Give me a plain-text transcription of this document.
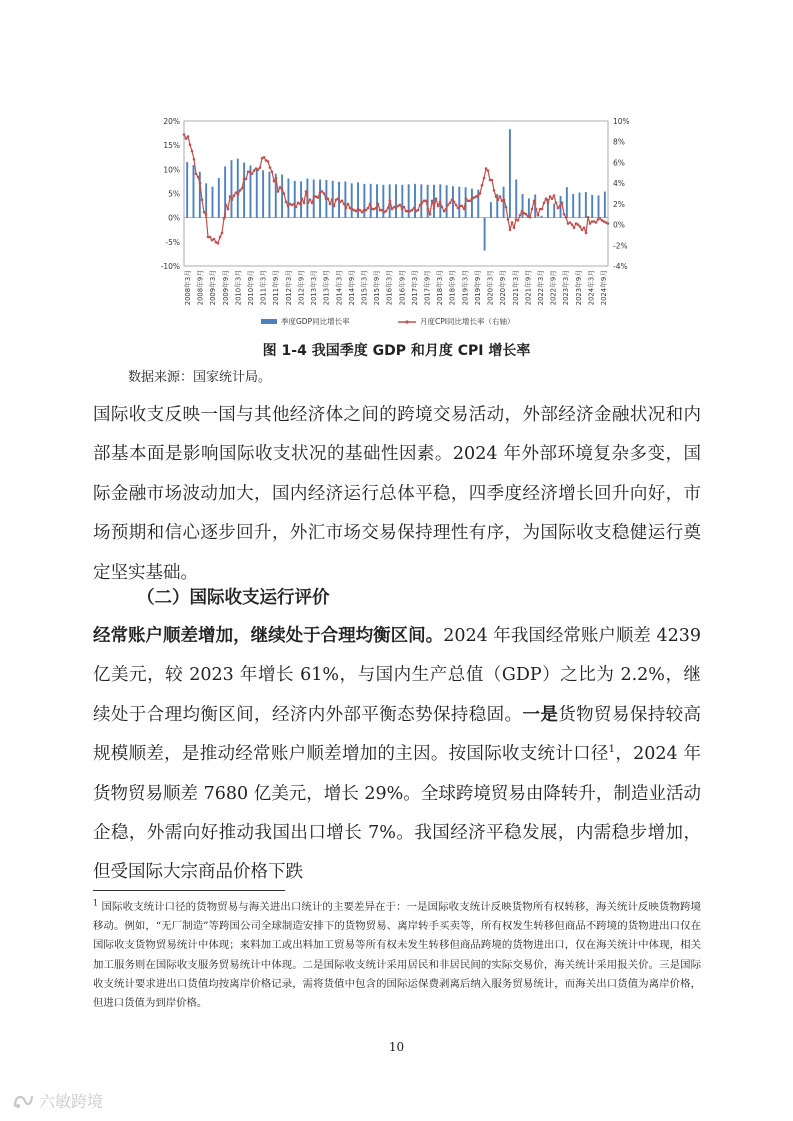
20%
15%
10%
5%
0%
-5%
-10%
10%
8%
6%
4%
2%
0%
-2%
-4%
2008年3月 2008年9月 2009年3月 2009年9月 2010年3月 2010年9月 2011年3月 2011年9月 2012年3月 2012年9月 2013年3月 2013年9月 2014年3月 2014年9月 2015年3月 2015年9月 2016年3月 2016年9月 2017年3月 2017年9月 2018年3月 2018年9月 2019年3月 2019年9月 2020年3月 2020年9月 2021年3月 2021年9月 2022年3月 2022年9月 2023年3月 2023年9月 2024年3月 2024年9月
季度GDP同比增长率	月度CPI同比增长率（右轴）
图 1-4 我国季度 GDP 和月度 CPI 增长率
数据来源：国家统计局。

国际收支反映一国与其他经济体之间的跨境交易活动，外部经济金融状况和内部基本面是影响国际收支状况的基础性因素。2024 年外部环境复杂多变，国际金融市场波动加大，国内经济运行总体平稳，四季度经济增长回升向好，市场预期和信心逐步回升，外汇市场交易保持理性有序，为国际收支稳健运行奠定坚实基础。

（二）国际收支运行评价

经常账户顺差增加，继续处于合理均衡区间。2024 年我国经常账户顺差 4239 亿美元，较 2023 年增长 61%，与国内生产总值（GDP）之比为 2.2%，继续处于合理均衡区间，经济内外部平衡态势保持稳固。一是货物贸易保持较高规模顺差，是推动经常账户顺差增加的主因。按国际收支统计口径$^1$，2024 年货物贸易顺差 7680 亿美元，增长 29%。全球跨境贸易由降转升，制造业活动企稳，外需向好推动我国出口增长 7%。我国经济平稳发展，内需稳步增加，但受国际大宗商品价格下跌

$^1$ 国际收支统计口径的货物贸易与海关进出口统计的主要差异在于：一是国际收支统计反映货物所有权转移，海关统计反映货物跨境移动。例如，“无厂制造”等跨国公司全球制造安排下的货物贸易、离岸转手买卖等，所有权发生转移但商品不跨境的货物进出口仅在国际收支货物贸易统计中体现；来料加工或出料加工贸易等所有权未发生转移但商品跨境的货物进出口，仅在海关统计中体现，相关加工服务则在国际收支服务贸易统计中体现。二是国际收支统计采用居民和非居民间的实际交易价，海关统计采用报关价。三是国际收支统计要求进出口货值均按离岸价格记录，需将货值中包含的国际运保费剥离后纳入服务贸易统计，而海关出口货值为离岸价格，但进口货值为到岸价格。

10
六敏跨境
